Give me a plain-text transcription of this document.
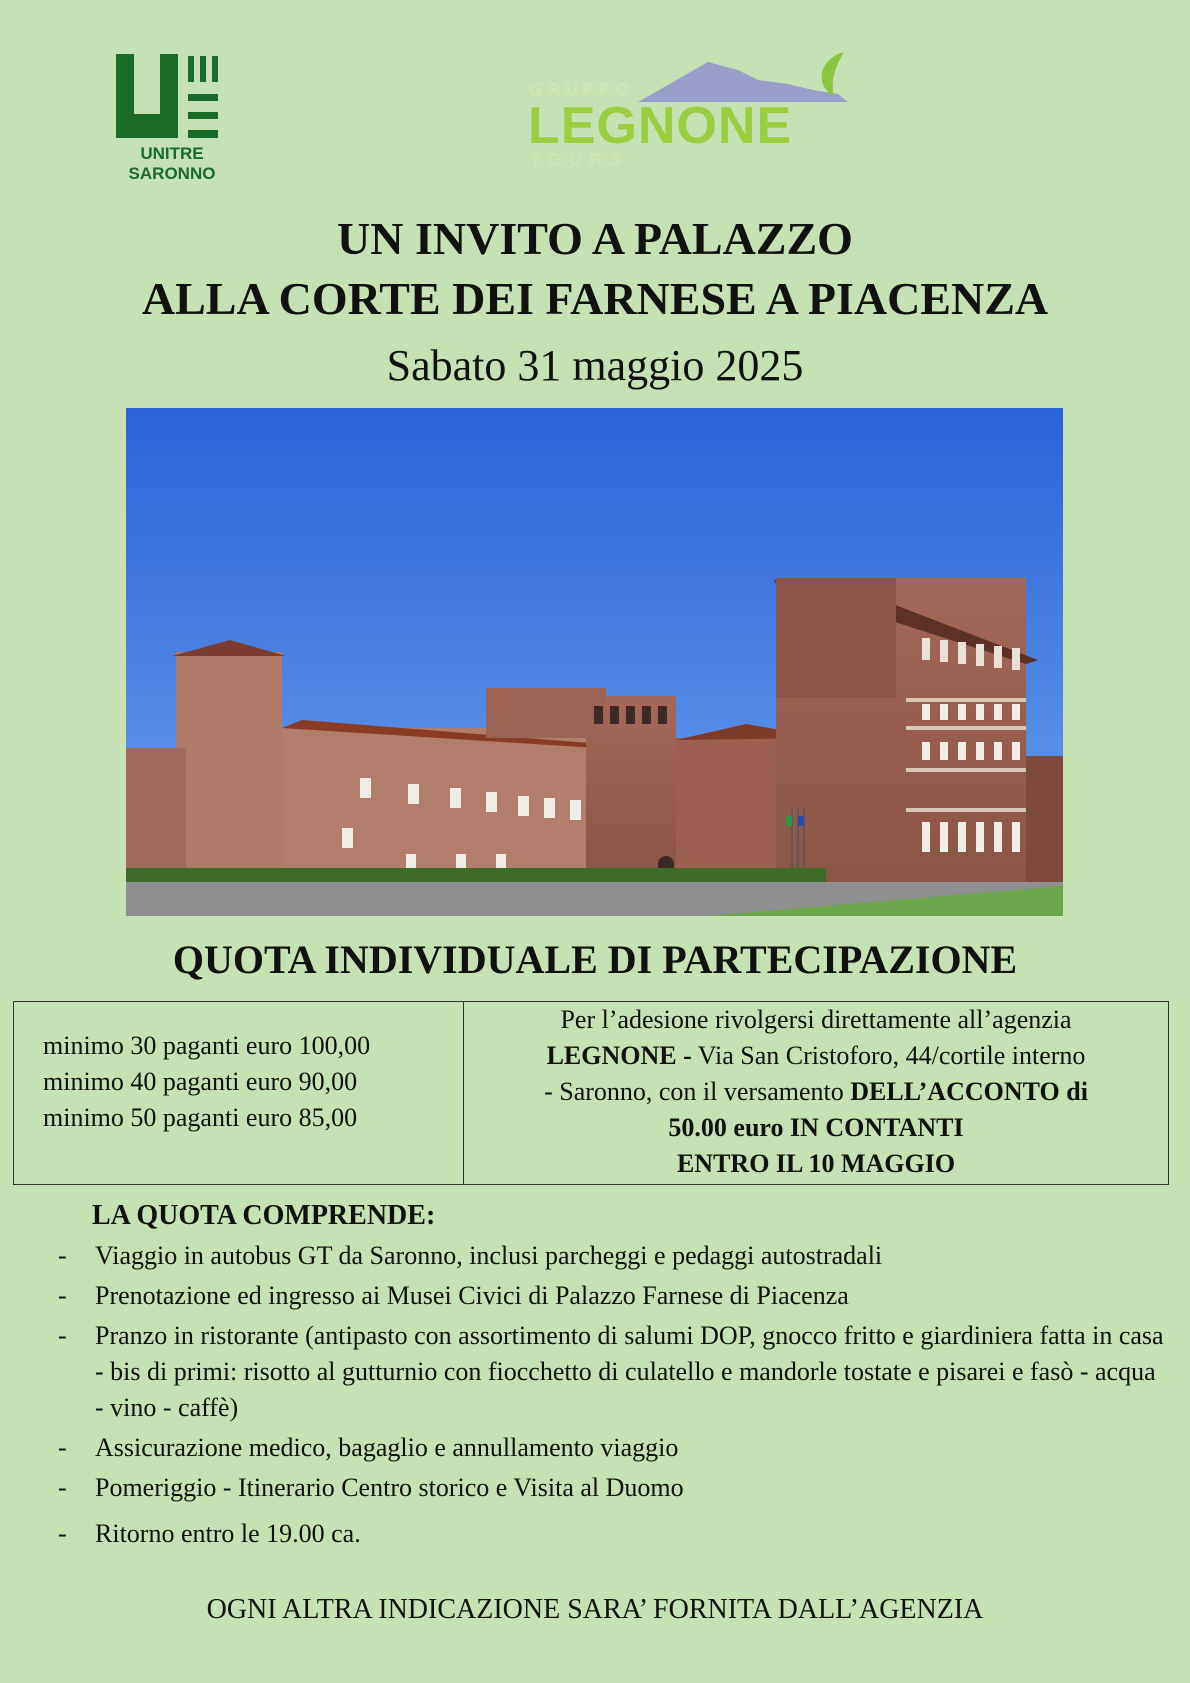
UNITRE
SARONNO
GRUPPO
LEGNONE
TOURS
UN INVITO A PALAZZO
ALLA CORTE DEI FARNESE A PIACENZA
Sabato 31 maggio 2025
QUOTA INDIVIDUALE DI PARTECIPAZIONE
minimo 30 paganti euro 100,00
minimo 40 paganti euro 90,00
minimo 50 paganti euro 85,00
Per l’adesione rivolgersi direttamente all’agenzia
LEGNONE - Via San Cristoforo, 44/cortile interno
- Saronno, con il versamento DELL’ACCONTO di
50.00 euro IN CONTANTI
ENTRO IL 10 MAGGIO
LA QUOTA COMPRENDE:
- Viaggio in autobus GT da Saronno, inclusi parcheggi e pedaggi autostradali
- Prenotazione ed ingresso ai Musei Civici di Palazzo Farnese di Piacenza
- Pranzo in ristorante (antipasto con assortimento di salumi DOP, gnocco fritto e giardiniera fatta in casa - bis di primi: risotto al gutturnio con fiocchetto di culatello e mandorle tostate e pisarei e fasò - acqua - vino - caffè)
- Assicurazione medico, bagaglio e annullamento viaggio
- Pomeriggio - Itinerario Centro storico e Visita al Duomo
- Ritorno entro le 19.00 ca.
OGNI ALTRA INDICAZIONE SARA’ FORNITA DALL’AGENZIA
